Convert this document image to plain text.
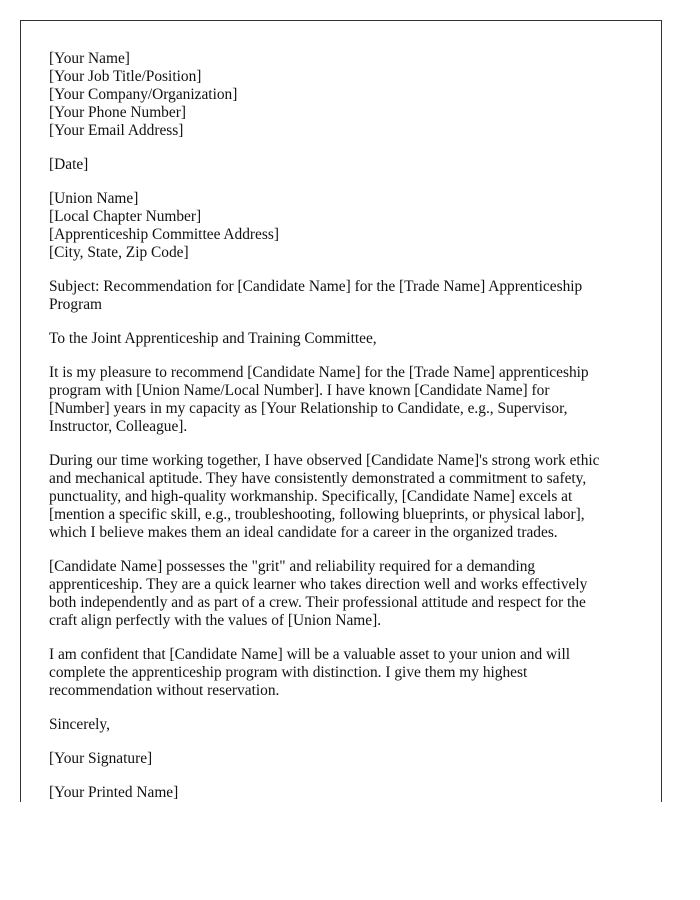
[Your Name]
[Your Job Title/Position]
[Your Company/Organization]
[Your Phone Number]
[Your Email Address]
[Date]
[Union Name]
[Local Chapter Number]
[Apprenticeship Committee Address]
[City, State, Zip Code]

Subject: Recommendation for [Candidate Name] for the [Trade Name] Apprenticeship Program

To the Joint Apprenticeship and Training Committee,

It is my pleasure to recommend [Candidate Name] for the [Trade Name] apprenticeship program with [Union Name/Local Number]. I have known [Candidate Name] for [Number] years in my capacity as [Your Relationship to Candidate, e.g., Supervisor, Instructor, Colleague].

During our time working together, I have observed [Candidate Name]'s strong work ethic and mechanical aptitude. They have consistently demonstrated a commitment to safety, punctuality, and high-quality workmanship. Specifically, [Candidate Name] excels at [mention a specific skill, e.g., troubleshooting, following blueprints, or physical labor], which I believe makes them an ideal candidate for a career in the organized trades.

[Candidate Name] possesses the "grit" and reliability required for a demanding apprenticeship. They are a quick learner who takes direction well and works effectively both independently and as part of a crew. Their professional attitude and respect for the craft align perfectly with the values of [Union Name].

I am confident that [Candidate Name] will be a valuable asset to your union and will complete the apprenticeship program with distinction. I give them my highest recommendation without reservation.

Sincerely,

[Your Signature]

[Your Printed Name]
